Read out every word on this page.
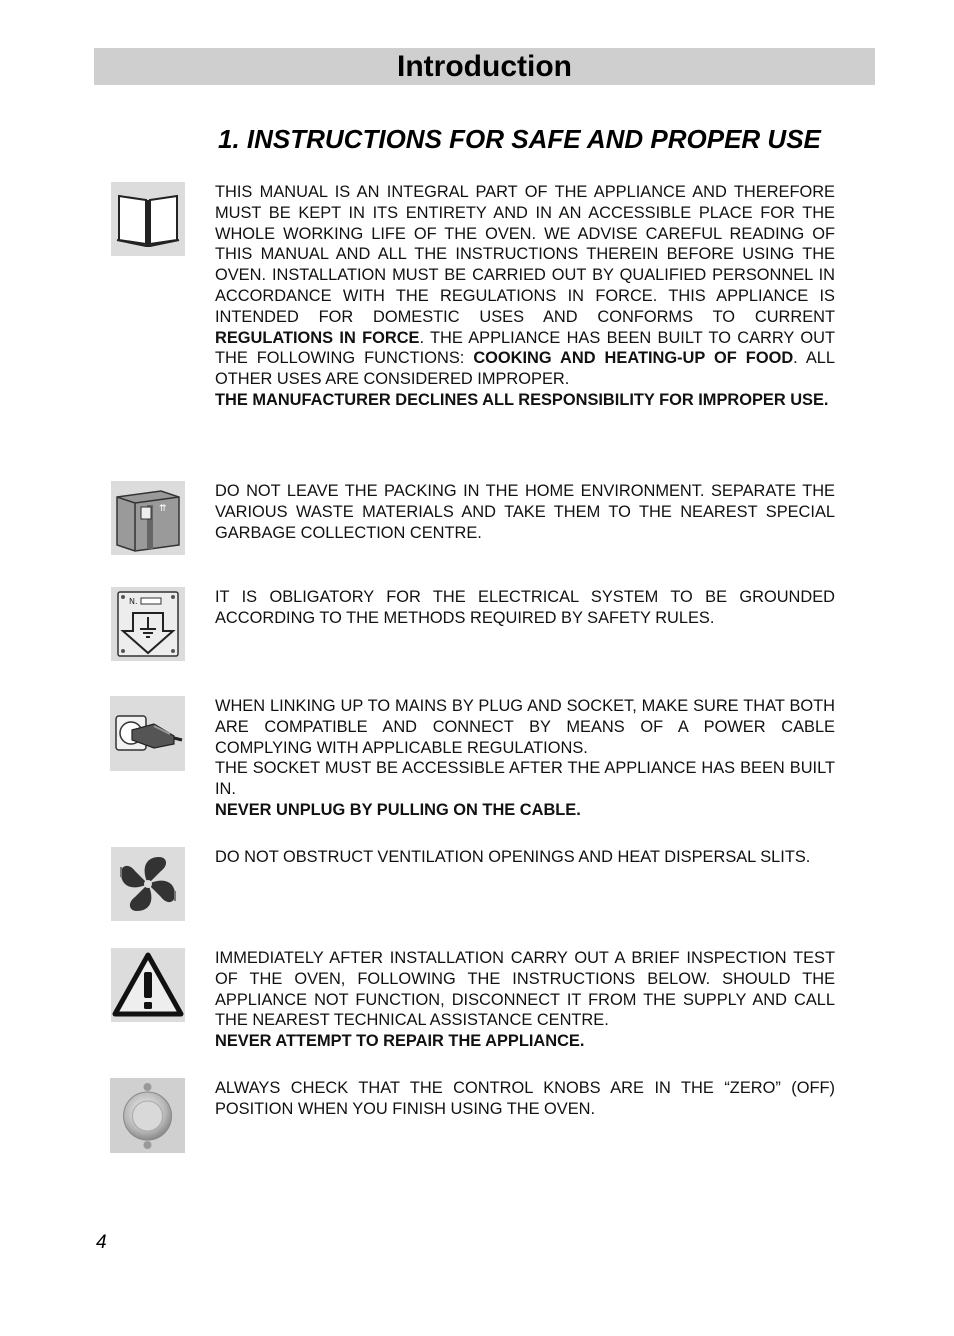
Introduction
1. INSTRUCTIONS FOR SAFE AND PROPER USE

THIS MANUAL IS AN INTEGRAL PART OF THE APPLIANCE AND THEREFORE MUST BE KEPT IN ITS ENTIRETY AND IN AN ACCESSIBLE PLACE FOR THE WHOLE WORKING LIFE OF THE OVEN. WE ADVISE CAREFUL READING OF THIS MANUAL AND ALL THE INSTRUCTIONS THEREIN BEFORE USING THE OVEN. INSTALLATION MUST BE CARRIED OUT BY QUALIFIED PERSONNEL IN ACCORDANCE WITH THE REGULATIONS IN FORCE. THIS APPLIANCE IS INTENDED FOR DOMESTIC USES AND CONFORMS TO CURRENT REGULATIONS IN FORCE. THE APPLIANCE HAS BEEN BUILT TO CARRY OUT THE FOLLOWING FUNCTIONS: COOKING AND HEATING-UP OF FOOD. ALL OTHER USES ARE CONSIDERED IMPROPER.

THE MANUFACTURER DECLINES ALL RESPONSIBILITY FOR IMPROPER USE.

⇈

DO NOT LEAVE THE PACKING IN THE HOME ENVIRONMENT. SEPARATE THE VARIOUS WASTE MATERIALS AND TAKE THEM TO THE NEAREST SPECIAL GARBAGE COLLECTION CENTRE.

N.	IT IS OBLIGATORY FOR THE ELECTRICAL SYSTEM TO BE GROUNDED ACCORDING TO THE METHODS REQUIRED BY SAFETY RULES.

WHEN LINKING UP TO MAINS BY PLUG AND SOCKET, MAKE SURE THAT BOTH ARE COMPATIBLE AND CONNECT BY MEANS OF A POWER CABLE COMPLYING WITH APPLICABLE REGULATIONS.

THE SOCKET MUST BE ACCESSIBLE AFTER THE APPLIANCE HAS BEEN BUILT IN.

NEVER UNPLUG BY PULLING ON THE CABLE.

DO NOT OBSTRUCT VENTILATION OPENINGS AND HEAT DISPERSAL SLITS.

IMMEDIATELY AFTER INSTALLATION CARRY OUT A BRIEF INSPECTION TEST OF THE OVEN, FOLLOWING THE INSTRUCTIONS BELOW. SHOULD THE APPLIANCE NOT FUNCTION, DISCONNECT IT FROM THE SUPPLY AND CALL THE NEAREST TECHNICAL ASSISTANCE CENTRE.

NEVER ATTEMPT TO REPAIR THE APPLIANCE.

ALWAYS CHECK THAT THE CONTROL KNOBS ARE IN THE “ZERO” (OFF) POSITION WHEN YOU FINISH USING THE OVEN.

4
